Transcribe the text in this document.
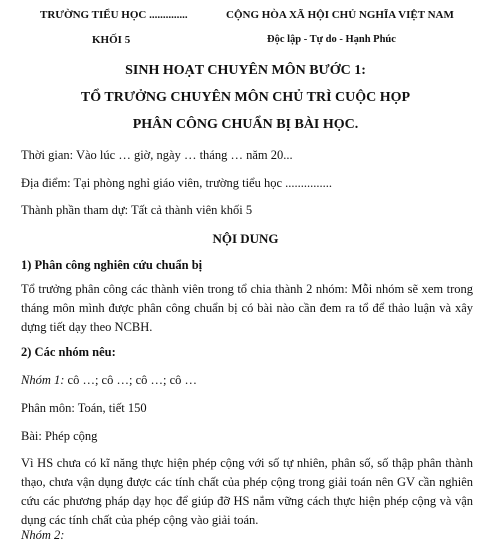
TRƯỜNG TIỂU HỌC ..............	CỘNG HÒA XÃ HỘI CHỦ NGHĨA VIỆT NAM
KHỐI 5	Độc lập - Tự do - Hạnh Phúc
SINH HOẠT CHUYÊN MÔN BƯỚC 1:
TỔ TRƯỞNG CHUYÊN MÔN CHỦ TRÌ CUỘC HỌP
PHÂN CÔNG CHUẨN BỊ BÀI HỌC.
Thời gian: Vào lúc … giờ, ngày … tháng … năm 20...
Địa điểm: Tại phòng nghỉ giáo viên, trường tiểu học ...............
Thành phần tham dự: Tất cả thành viên khối 5
NỘI DUNG
1) Phân công nghiên cứu chuẩn bị
Tổ trưởng phân công các thành viên trong tổ chia thành 2 nhóm: Mỗi nhóm sẽ xem trong tháng môn mình được phân công chuẩn bị có bài nào cần đem ra tổ để thảo luận và xây dựng tiết dạy theo NCBH.
2) Các nhóm nêu:
Nhóm 1: cô …; cô …; cô …; cô …
Phân môn: Toán, tiết 150
Bài: Phép cộng
Vì HS chưa có kĩ năng thực hiện phép cộng với số tự nhiên, phân số, số thập phân thành thạo, chưa vận dụng được các tính chất của phép cộng trong giải toán nên GV cần nghiên cứu các phương pháp dạy học để giúp đỡ HS nắm vững cách thực hiện phép cộng và vận dụng các tính chất của phép cộng vào giải toán.
Nhóm 2:
